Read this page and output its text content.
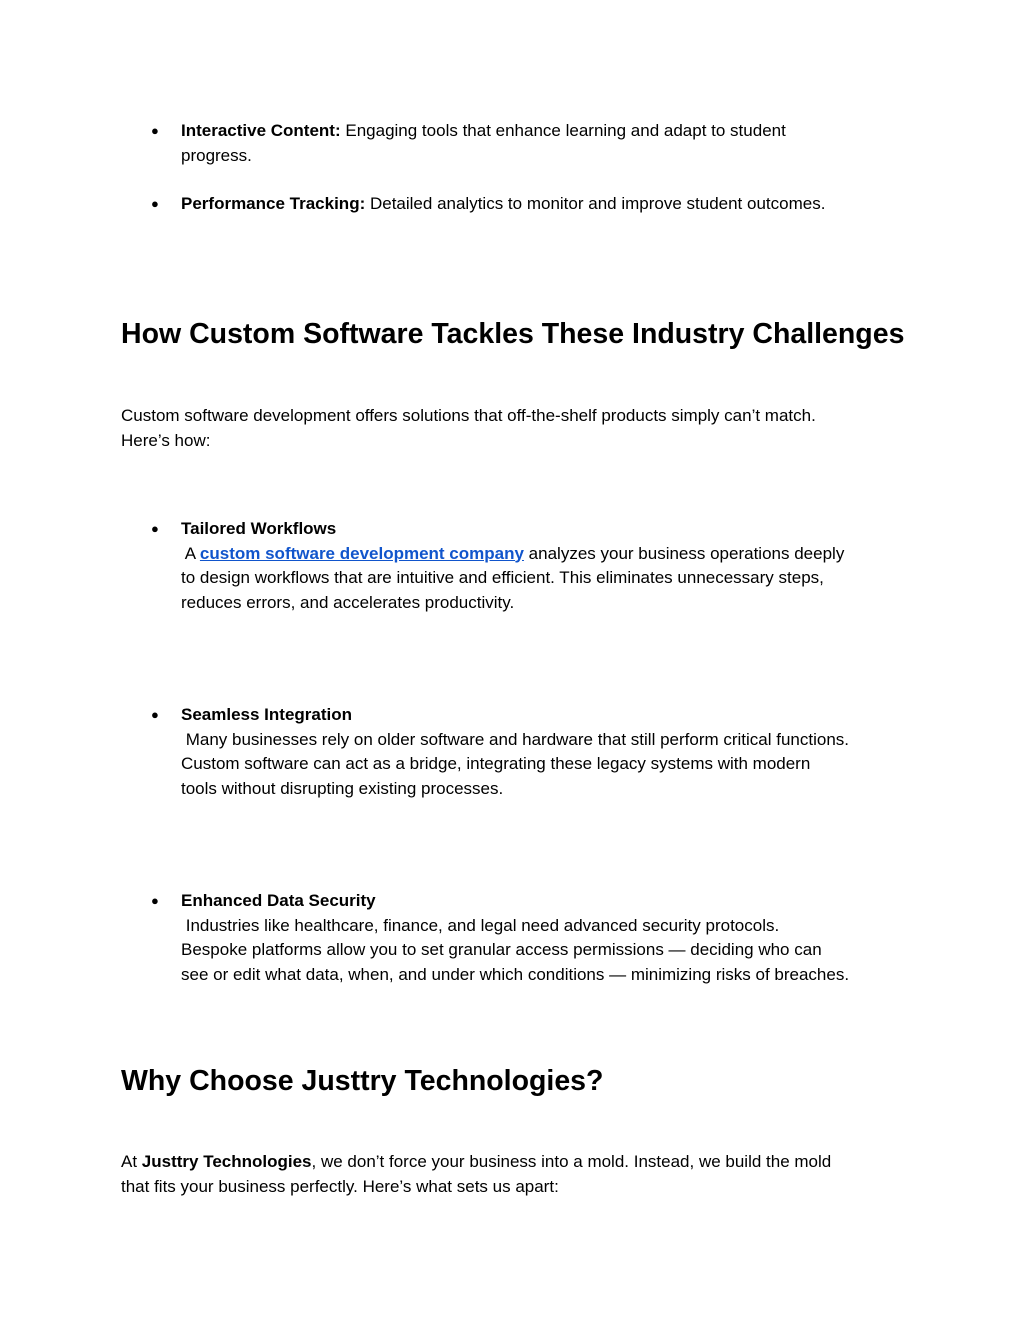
● Interactive Content: Engaging tools that enhance learning and adapt to student
progress.
● Performance Tracking: Detailed analytics to monitor and improve student outcomes.
How Custom Software Tackles These Industry Challenges
Custom software development offers solutions that off-the-shelf products simply can’t match.
Here’s how:
● Tailored Workflows
A custom software development company analyzes your business operations deeply
to design workflows that are intuitive and efficient. This eliminates unnecessary steps,
reduces errors, and accelerates productivity.
● Seamless Integration
Many businesses rely on older software and hardware that still perform critical functions.
Custom software can act as a bridge, integrating these legacy systems with modern
tools without disrupting existing processes.
● Enhanced Data Security
Industries like healthcare, finance, and legal need advanced security protocols.
Bespoke platforms allow you to set granular access permissions — deciding who can
see or edit what data, when, and under which conditions — minimizing risks of breaches.
Why Choose Justtry Technologies?
At Justtry Technologies, we don’t force your business into a mold. Instead, we build the mold
that fits your business perfectly. Here’s what sets us apart:
